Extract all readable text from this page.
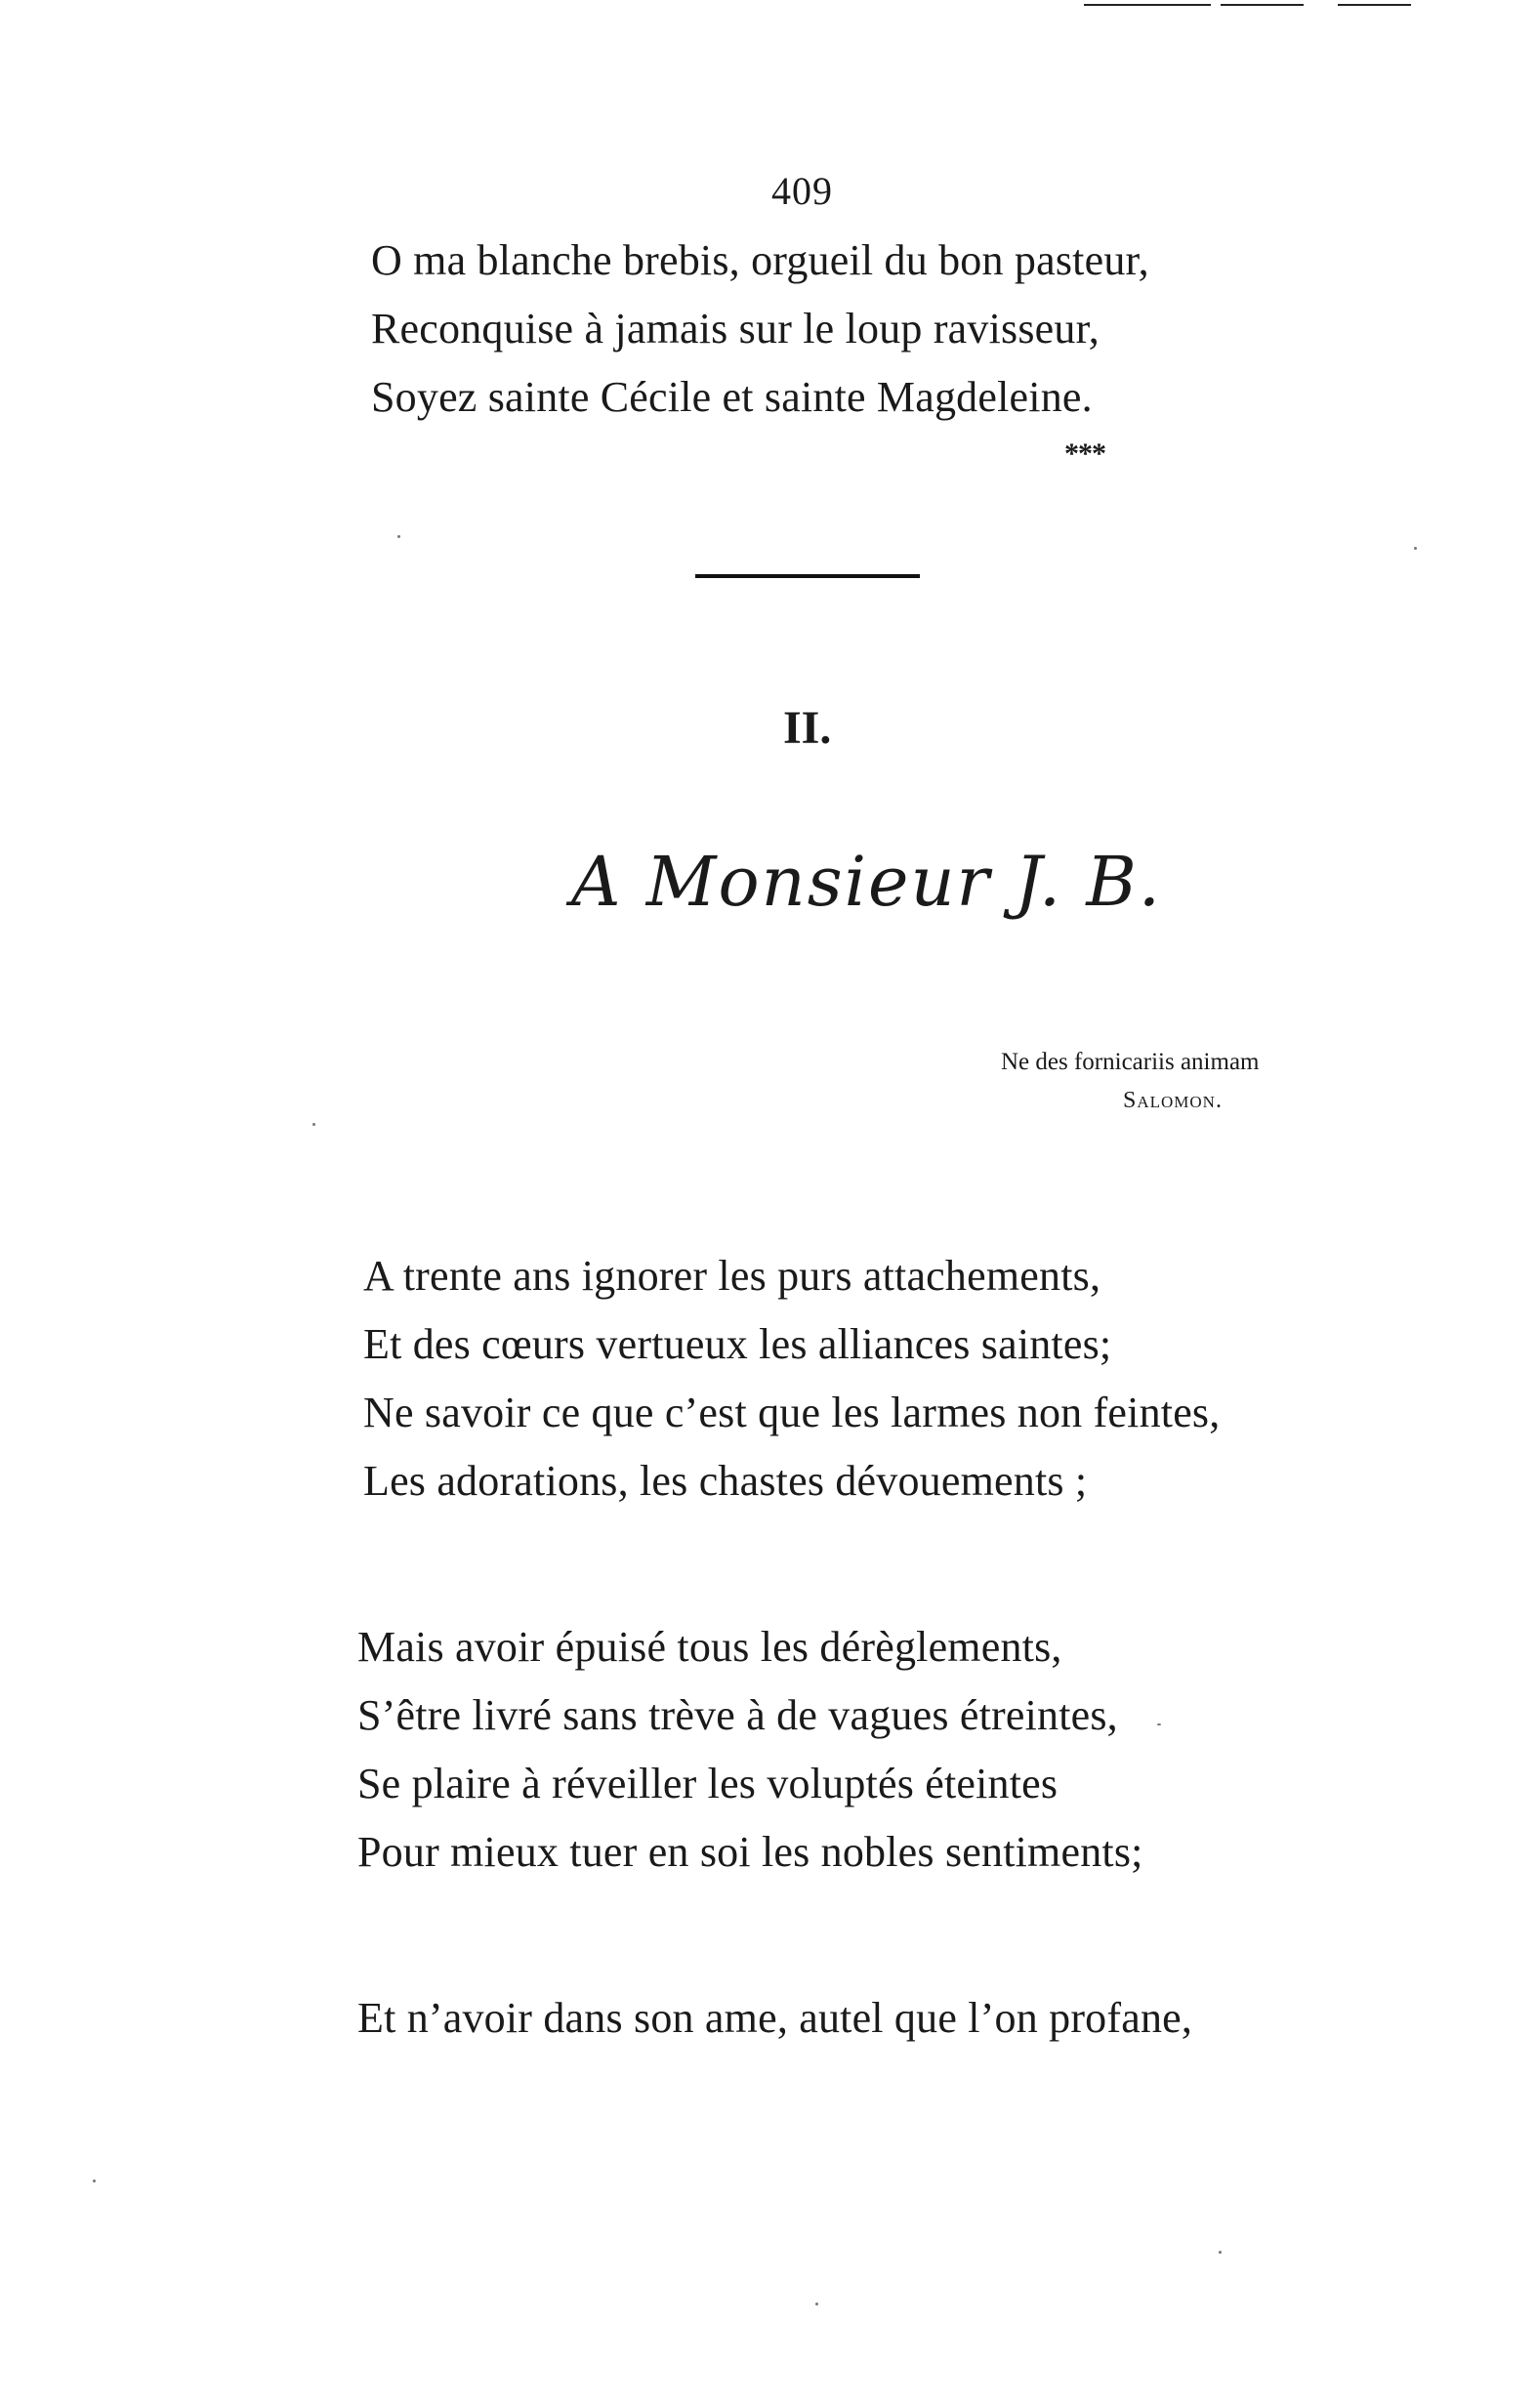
409
O ma blanche brebis, orgueil du bon pasteur,
Reconquise à jamais sur le loup ravisseur,
Soyez sainte Cécile et sainte Magdeleine.
***
II.
A Monsieur J. B.
Ne des fornicariis animam
Salomon.
A trente ans ignorer les purs attachements,
Et des cœurs vertueux les alliances saintes;
Ne savoir ce que c’est que les larmes non feintes,
Les adorations, les chastes dévouements ;
Mais avoir épuisé tous les dérèglements,
S’être livré sans trève à de vagues étreintes,
Se plaire à réveiller les voluptés éteintes
Pour mieux tuer en soi les nobles sentiments;
Et n’avoir dans son ame, autel que l’on profane,
